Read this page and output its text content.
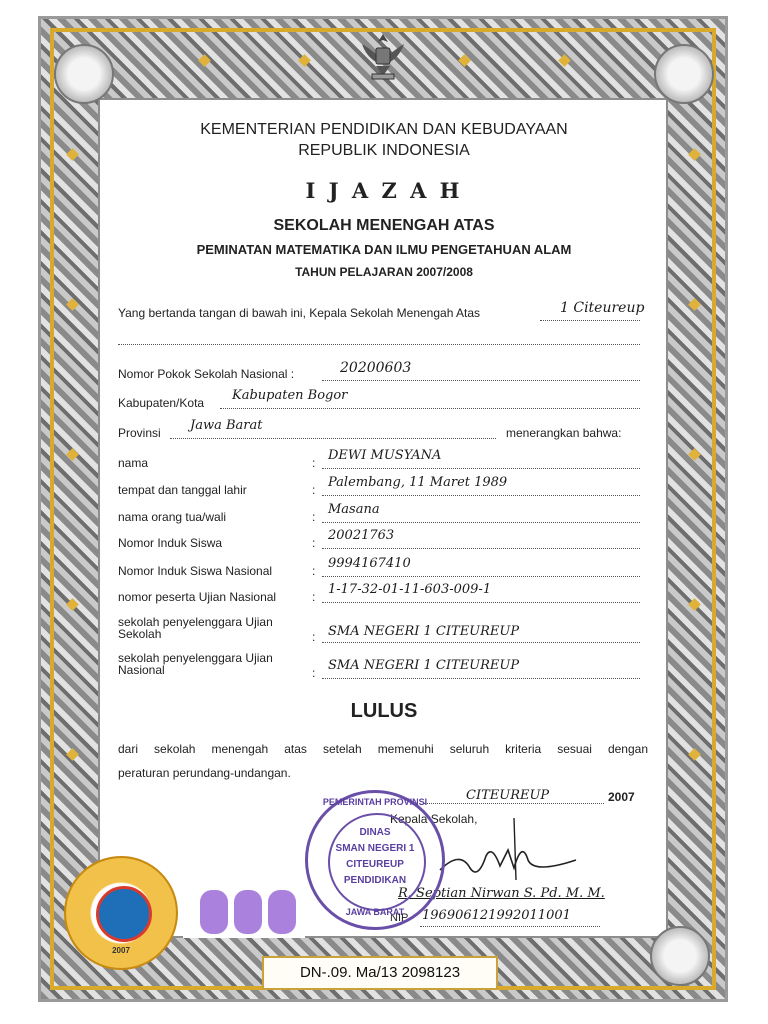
KEMENTERIAN PENDIDIKAN DAN KEBUDAYAAN
REPUBLIK INDONESIA
I J A Z A H
SEKOLAH MENENGAH ATAS
PEMINATAN MATEMATIKA DAN ILMU PENGETAHUAN ALAM
TAHUN PELAJARAN 2007/2008
Yang bertanda tangan di bawah ini, Kepala Sekolah Menengah Atas	1 Citeureup
Nomor Pokok Sekolah Nasional :	20200603
Kabupaten/Kota Kabupaten Bogor
Provinsi Jawa Barat	menerangkan bahwa:
nama	: DEWI MUSYANA
tempat dan tanggal lahir	: Palembang, 11 Maret 1989
nama orang tua/wali	: Masana
Nomor Induk Siswa	: 20021763
Nomor Induk Siswa Nasional	: 9994167410
nomor peserta Ujian Nasional	: 1-17-32-01-11-603-009-1
sekolah penyelenggara Ujian
Sekolah	: SMA NEGERI 1 CITEUREUP
sekolah penyelenggara Ujian
Nasional	: SMA NEGERI 1 CITEUREUP
LULUS
dari sekolah menengah atas setelah memenuhi seluruh kriteria sesuai dengan
peraturan perundang-undangan.
CITEUREUP	2007
Kepala Sekolah,
R. Septian Nirwan S. Pd. M. M.
NIP. 196906121992011001
PEMERINTAH PROVINSI
DINAS
SMAN NEGERI 1
CITEUREUP
PENDIDIKAN
JAWA BARAT
2007
DN-.09. Ma/13 2098123
